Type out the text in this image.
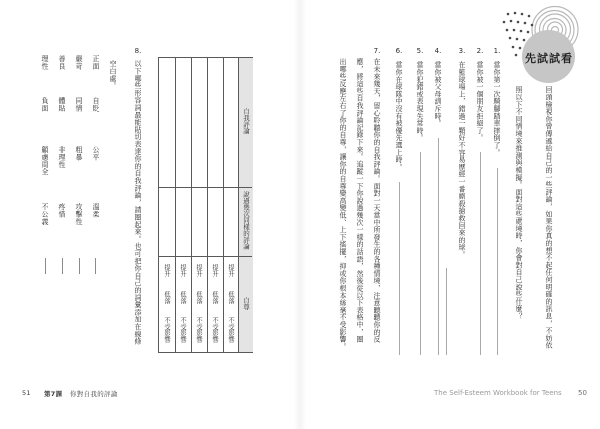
先試試看
回頭檢視你曾傳遞給自己的一些評論，如果你真的想不起任何明確的訊息，不妨依
照以下不同情境來推測與模擬。面對這些處境時，你會對自己說些什麼？
1.
當你第一次騎腳踏車摔倒了。
2.
當你被一個朋友拒絕了。
3.
在籃球場上，錯過一顆好不容易歷經一番廝殺搶救回來的球。
4.
當你被父母訓斥時。
5.
當你犯錯或表現失常時。
6.
當你在球隊中沒有被優先選上時。
7.
在未來幾天，留心聆聽你的自我評論。面對一天當中所發生的各種情境，注意聽聽你的反
應，將這些自我評論記錄下來。追蹤一下你說過幾次一樣的話語，然後從以下表格中，圈
出哪些反應左右了你的自尊，讓你的自尊變高變低、上下搖擺，抑或你根本絲毫不受影響。
The Self-Esteem Workbook for Teens 50
自我評論
說過幾次同樣的評論
自尊
提升
低落
不受影響
提升
低落
不受影響
提升
低落
不受影響
提升
低落
不受影響
提升
低落
不受影響
8.
以下哪些形容詞最能貼切表達你的自我評論，請圈起來。也可把你自己的詞彙添加在線條
空白處。
正面
嚴苛
善良
理性
自貶
同情
體貼
負面
公平
粗暴
非理性
顧慮周全
溫柔
攻擊性
疼惜
不公義
51 第7課 你對自我的評論
